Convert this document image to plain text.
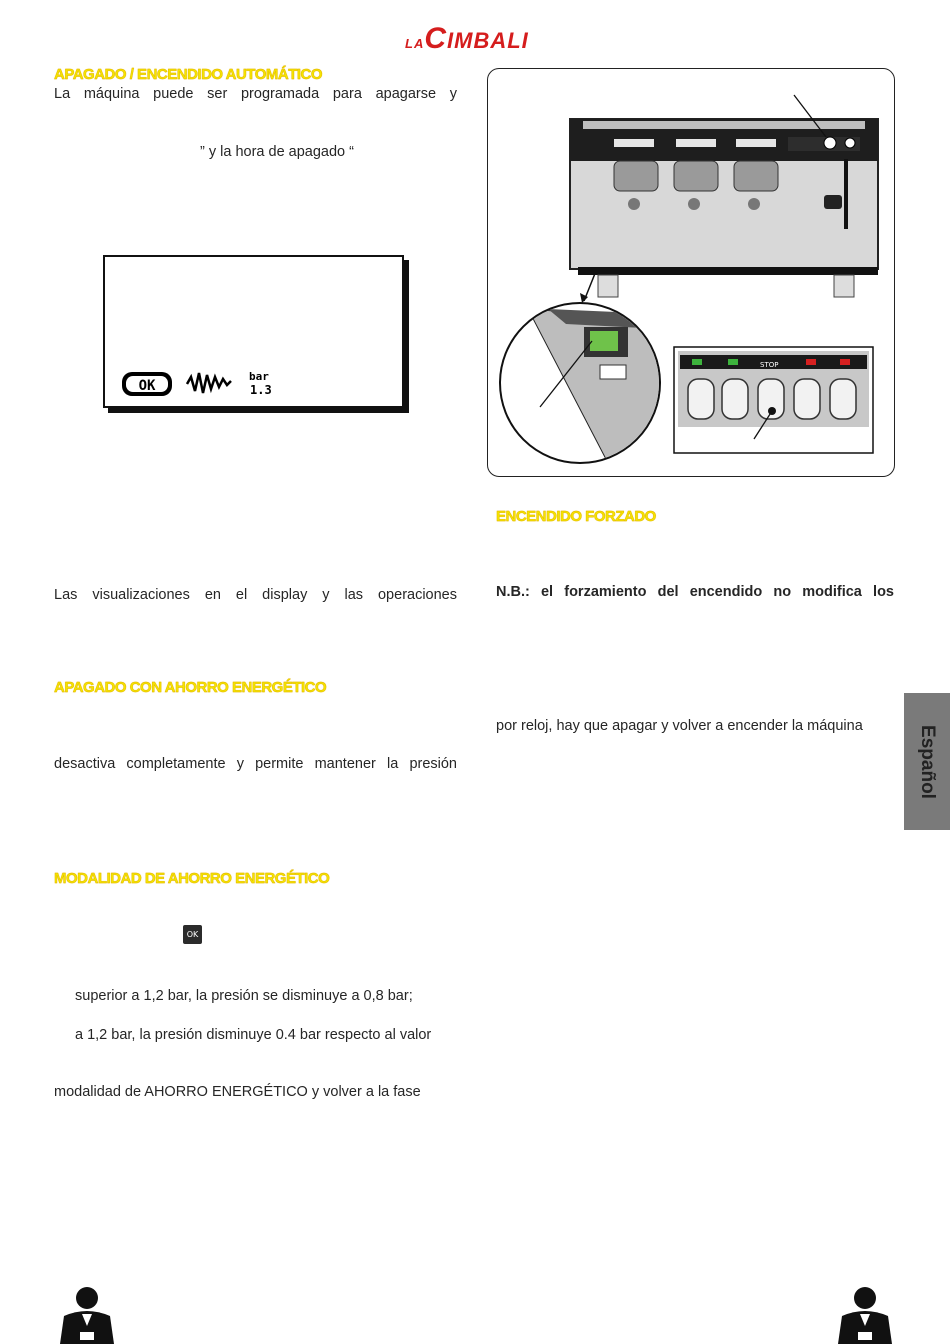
LACIMBALI
APAGADO / ENCENDIDO AUTOMÁTICO
La máquina puede ser programada para apagarse y
” y la hora de apagado “
OK
bar
1.3
Las visualizaciones en el display y las operaciones
APAGADO CON AHORRO ENERGÉTICO
desactiva completamente y permite mantener la presión
MODALIDAD DE AHORRO ENERGÉTICO
OK
superior a 1,2 bar, la presión se disminuye a 0,8 bar;
a 1,2 bar, la presión disminuye 0.4 bar respecto al valor
modalidad de AHORRO ENERGÉTICO y volver a la fase
STOP
ENCENDIDO FORZADO
N.B.: el forzamiento del encendido no modifica los
por reloj, hay que apagar y volver a encender la máquina	Español
